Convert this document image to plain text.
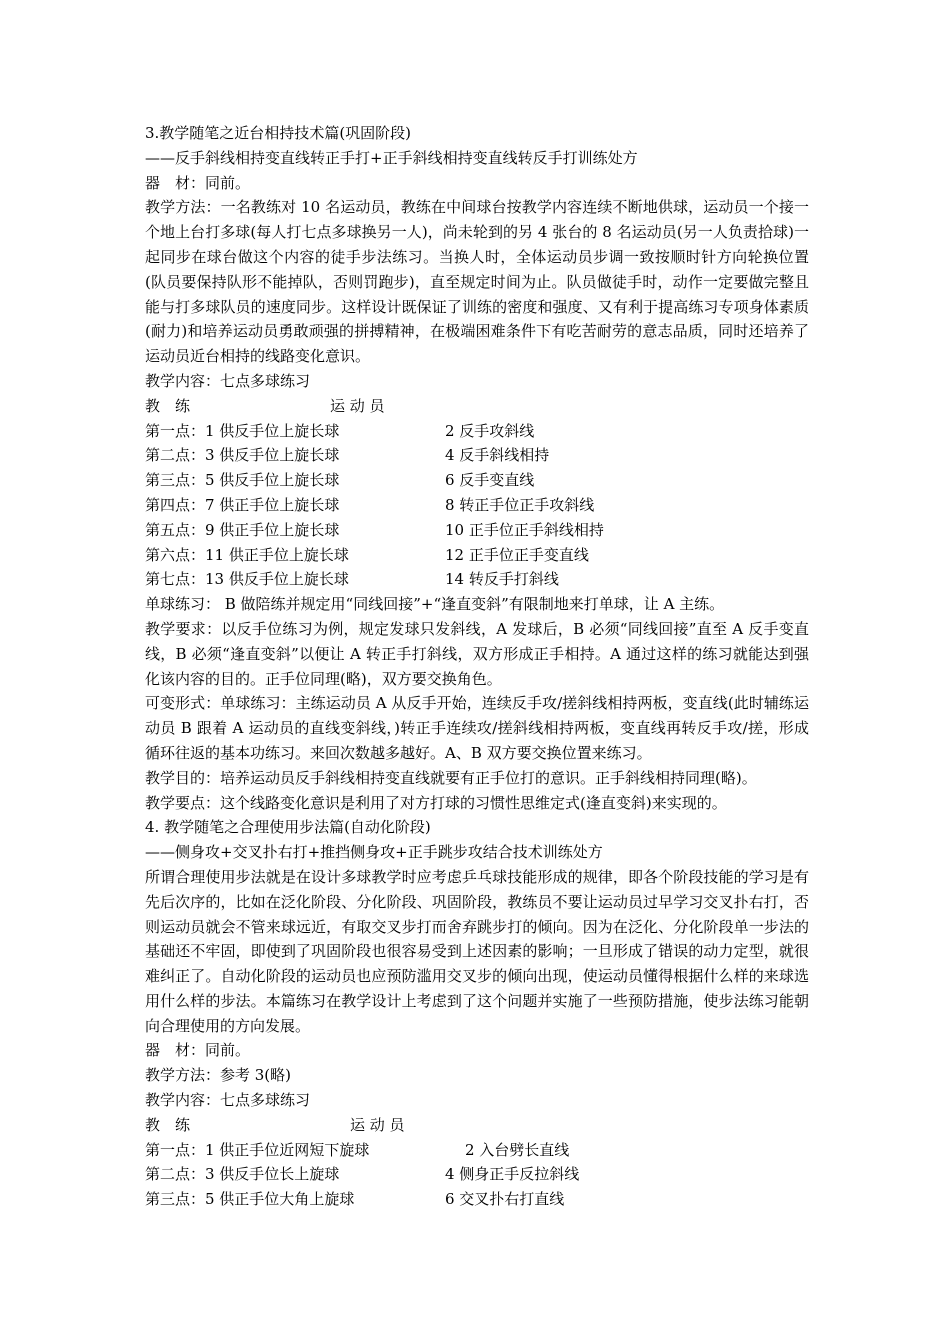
3.教学随笔之近台相持技术篇(巩固阶段)
——反手斜线相持变直线转正手打+正手斜线相持变直线转反手打训练处方
器　材：同前。
教学方法：一名教练对 10 名运动员，教练在中间球台按教学内容连续不断地供球，运动员一个接一个地上台打多球(每人打七点多球换另一人)，尚未轮到的另 4 张台的 8 名运动员(另一人负责拾球)一起同步在球台做这个内容的徒手步法练习。当换人时，全体运动员步调一致按顺时针方向轮换位置(队员要保持队形不能掉队，否则罚跑步)，直至规定时间为止。队员做徒手时，动作一定要做完整且能与打多球队员的速度同步。这样设计既保证了训练的密度和强度、又有利于提高练习专项身体素质(耐力)和培养运动员勇敢顽强的拼搏精神，在极端困难条件下有吃苦耐劳的意志品质，同时还培养了运动员近台相持的线路变化意识。
教学内容：七点多球练习
教　练	运 动 员
第一点：1 供反手位上旋长球	2 反手攻斜线
第二点：3 供反手位上旋长球	4 反手斜线相持
第三点：5 供反手位上旋长球	6 反手变直线
第四点：7 供正手位上旋长球	8 转正手位正手攻斜线
第五点：9 供正手位上旋长球	10 正手位正手斜线相持
第六点：11 供正手位上旋长球	12 正手位正手变直线
第七点：13 供反手位上旋长球	14 转反手打斜线
单球练习： B 做陪练并规定用“同线回接”+“逢直变斜”有限制地来打单球，让 A 主练。
教学要求：以反手位练习为例，规定发球只发斜线，A 发球后，B 必须“同线回接”直至 A 反手变直线，B 必须“逢直变斜”以便让 A 转正手打斜线，双方形成正手相持。A 通过这样的练习就能达到强化该内容的目的。正手位同理(略)，双方要交换角色。
可变形式：单球练习：主练运动员 A 从反手开始，连续反手攻/搓斜线相持两板，变直线(此时辅练运动员 B 跟着 A 运动员的直线变斜线，)转正手连续攻/搓斜线相持两板，变直线再转反手攻/搓，形成循环往返的基本功练习。来回次数越多越好。A、B 双方要交换位置来练习。
教学目的：培养运动员反手斜线相持变直线就要有正手位打的意识。正手斜线相持同理(略)。
教学要点：这个线路变化意识是利用了对方打球的习惯性思维定式(逢直变斜)来实现的。
4. 教学随笔之合理使用步法篇(自动化阶段)
——侧身攻+交叉扑右打+推挡侧身攻+正手跳步攻结合技术训练处方
所谓合理使用步法就是在设计多球教学时应考虑乒乓球技能形成的规律，即各个阶段技能的学习是有先后次序的，比如在泛化阶段、分化阶段、巩固阶段，教练员不要让运动员过早学习交叉扑右打，否则运动员就会不管来球远近，有取交叉步打而舍弃跳步打的倾向。因为在泛化、分化阶段单一步法的基础还不牢固，即使到了巩固阶段也很容易受到上述因素的影响；一旦形成了错误的动力定型，就很难纠正了。自动化阶段的运动员也应预防滥用交叉步的倾向出现，使运动员懂得根据什么样的来球选用什么样的步法。本篇练习在教学设计上考虑到了这个问题并实施了一些预防措施，使步法练习能朝向合理使用的方向发展。
器　材：同前。
教学方法：参考 3(略)
教学内容：七点多球练习
教　练	运 动 员
第一点：1 供正手位近网短下旋球	2 入台劈长直线
第二点：3 供反手位长上旋球	4 侧身正手反拉斜线
第三点：5 供正手位大角上旋球	6 交叉扑右打直线
